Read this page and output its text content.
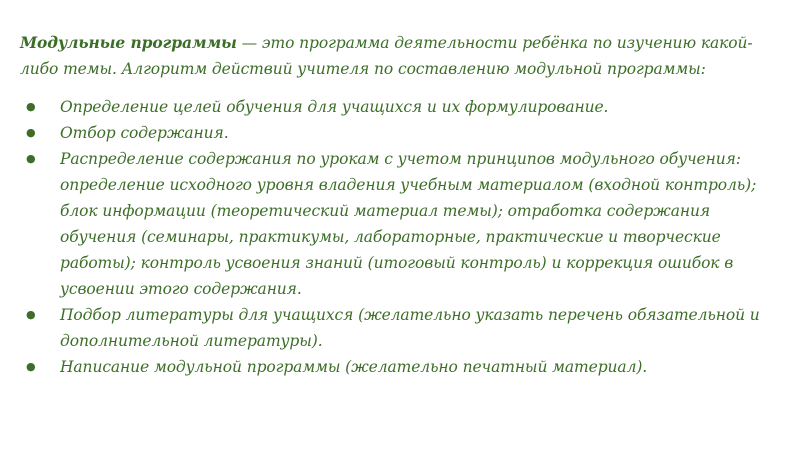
Модульные программы — это программа деятельности ребёнка по изучению какой-либо темы. Алгоритм действий учителя по составлению модульной программы:

● Определение целей обучения для учащихся и их формулирование.
● Отбор содержания.
● Распределение содержания по урокам с учетом принципов модульного обучения: определение исходного уровня владения учебным материалом (входной контроль); блок информации (теоретический материал темы); отработка содержания обучения (семинары, практикумы, лабораторные, практические и творческие работы); контроль усвоения знаний (итоговый контроль) и коррекция ошибок в усвоении этого содержания.
● Подбор литературы для учащихся (желательно указать перечень обязательной и дополнительной литературы).
● Написание модульной программы (желательно печатный материал).
